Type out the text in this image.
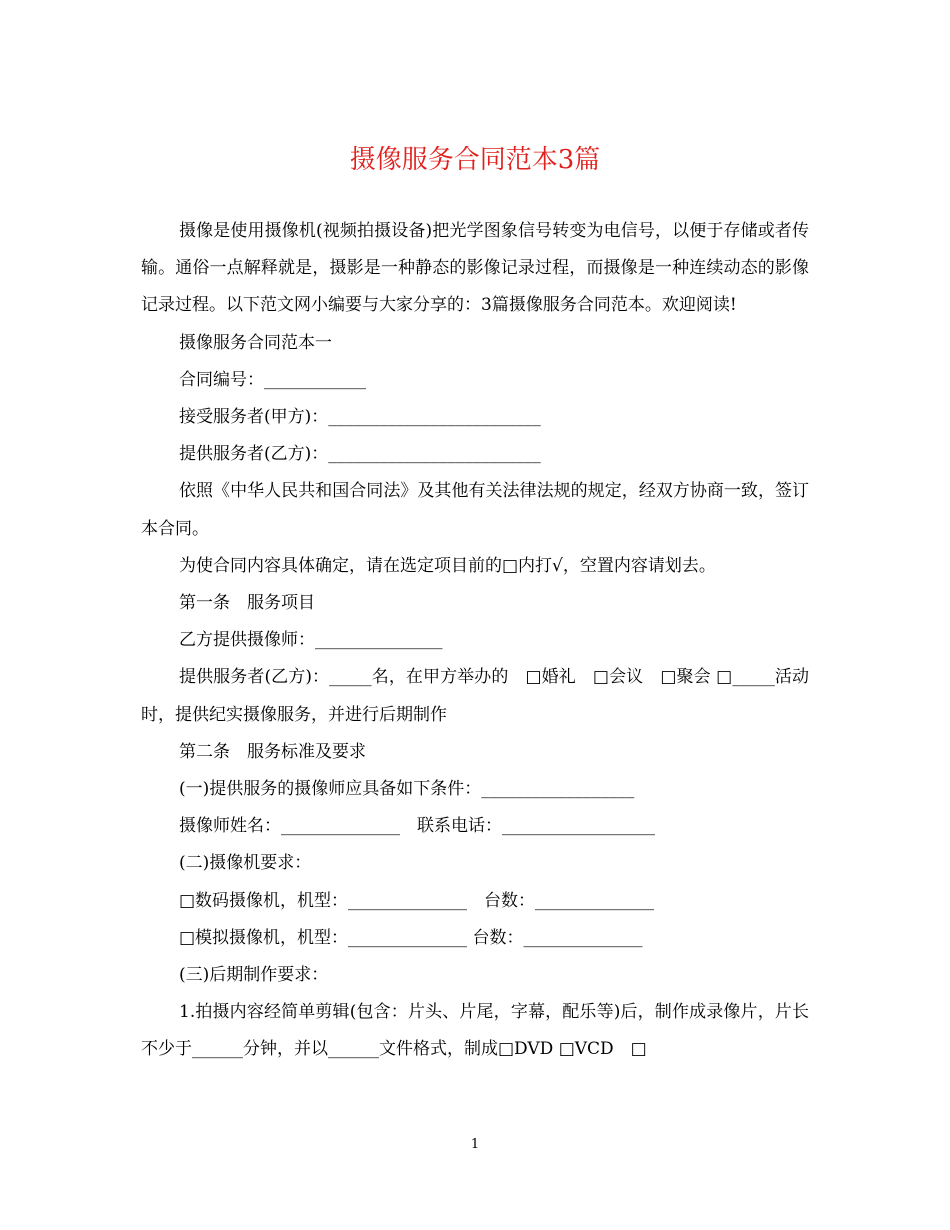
摄像服务合同范本3篇

摄像是使用摄像机(视频拍摄设备)把光学图象信号转变为电信号，以便于存储或者传输。通俗一点解释就是，摄影是一种静态的影像记录过程，而摄像是一种连续动态的影像记录过程。以下范文网小编要与大家分享的：3篇摄像服务合同范本。欢迎阅读!

摄像服务合同范本一

合同编号：____________

接受服务者(甲方)：_________________________

提供服务者(乙方)：_________________________

依照《中华人民共和国合同法》及其他有关法律法规的规定，经双方协商一致，签订本合同。

为使合同内容具体确定，请在选定项目前的□内打√，空置内容请划去。

第一条　服务项目

乙方提供摄像师：_______________

提供服务者(乙方)：_____名，在甲方举办的　□婚礼　□会议　□聚会 □_____活动时，提供纪实摄像服务，并进行后期制作

第二条　服务标准及要求

(一)提供服务的摄像师应具备如下条件：__________________

摄像师姓名：______________　联系电话：__________________

(二)摄像机要求：

□数码摄像机，机型：______________　台数：______________

□模拟摄像机，机型：______________ 台数：______________

(三)后期制作要求：

1.拍摄内容经简单剪辑(包含：片头、片尾，字幕，配乐等)后，制作成录像片，片长不少于______分钟，并以______文件格式，制成□DVD □VCD　□

1
